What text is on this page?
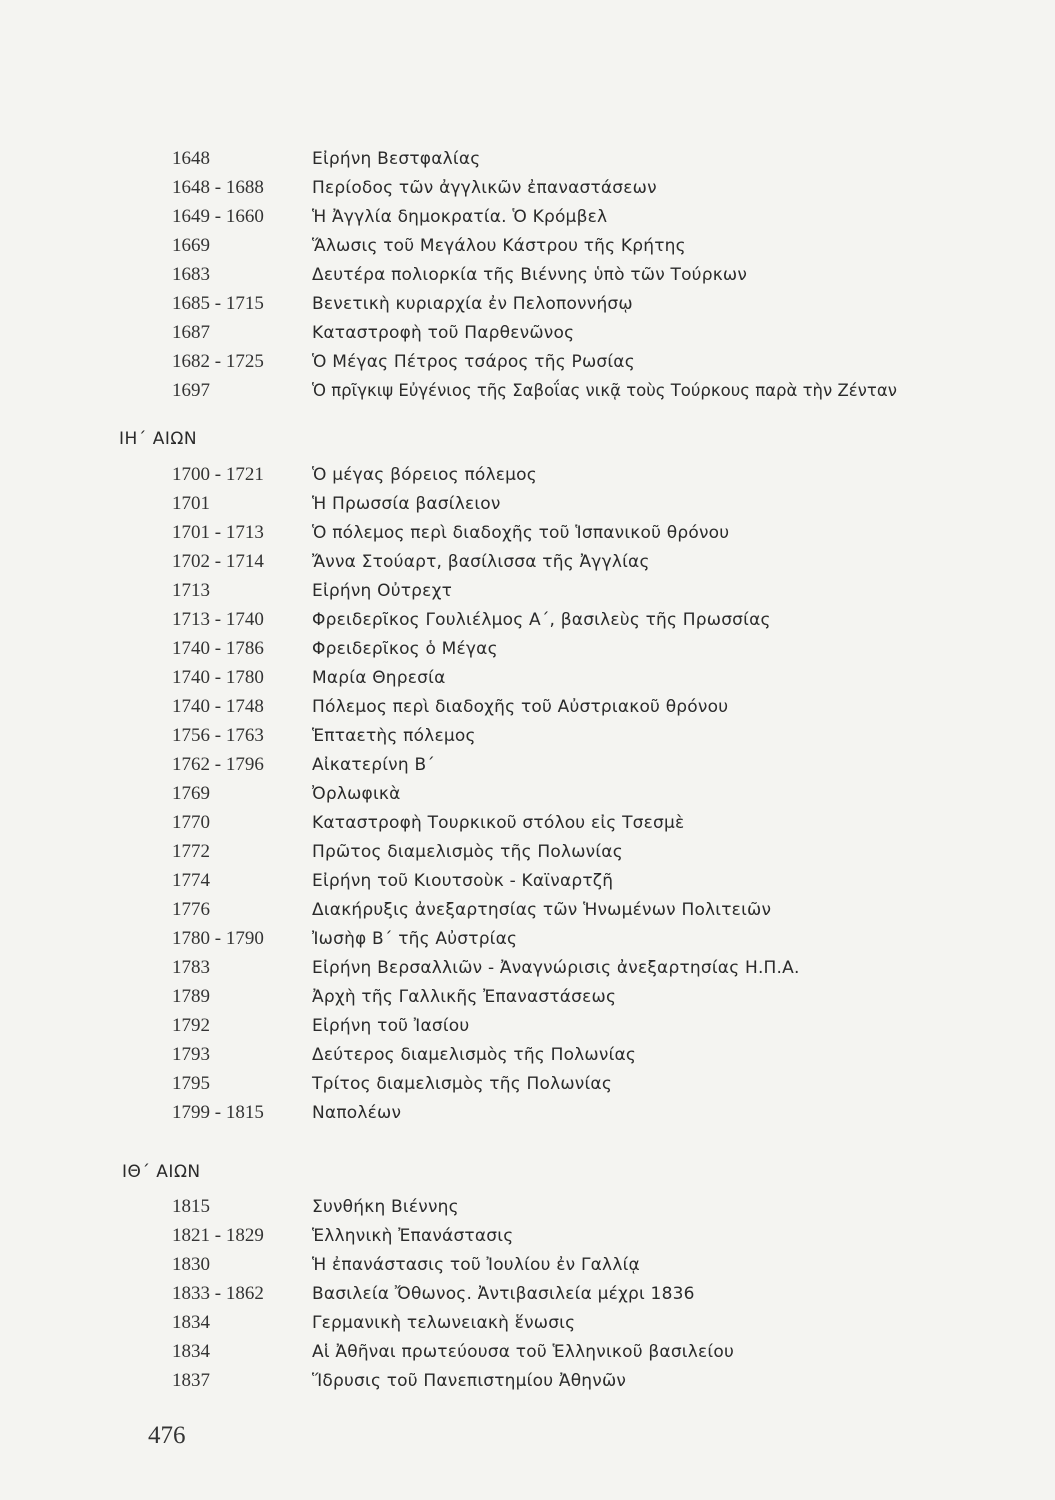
1648	Εἰρήνη Βεστφαλίας
1648 - 1688	Περίοδος τῶν ἀγγλικῶν ἐπαναστάσεων
1649 - 1660	Ἡ Ἀγγλία δημοκρατία. Ὁ Κρόμβελ
1669	Ἅλωσις τοῦ Μεγάλου Κάστρου τῆς Κρήτης
1683	Δευτέρα πολιορκία τῆς Βιέννης ὑπὸ τῶν Τούρκων
1685 - 1715	Βενετικὴ κυριαρχία ἐν Πελοποννήσῳ
1687	Καταστροφὴ τοῦ Παρθενῶνος
1682 - 1725	Ὁ Μέγας Πέτρος τσάρος τῆς Ρωσίας
1697	Ὁ πρῖγκιψ Εὐγένιος τῆς Σαβοΐας νικᾷ τοὺς Τούρκους παρὰ τὴν Ζένταν
ΙΗ΄ ΑΙΩΝ
1700 - 1721	Ὁ μέγας βόρειος πόλεμος
1701	Ἡ Πρωσσία βασίλειον
1701 - 1713	Ὁ πόλεμος περὶ διαδοχῆς τοῦ Ἱσπανικοῦ θρόνου
1702 - 1714	Ἄννα Στούαρτ, βασίλισσα τῆς Ἀγγλίας
1713	Εἰρήνη Οὐτρεχτ
1713 - 1740	Φρειδερῖκος Γουλιέλμος Α΄, βασιλεὺς τῆς Πρωσσίας
1740 - 1786	Φρειδερῖκος ὁ Μέγας
1740 - 1780	Μαρία Θηρεσία
1740 - 1748	Πόλεμος περὶ διαδοχῆς τοῦ Αὐστριακοῦ θρόνου
1756 - 1763	Ἑπταετὴς πόλεμος
1762 - 1796	Αἰκατερίνη Β΄
1769	Ὀρλωφικὰ
1770	Καταστροφὴ Τουρκικοῦ στόλου εἰς Τσεσμὲ
1772	Πρῶτος διαμελισμὸς τῆς Πολωνίας
1774	Εἰρήνη τοῦ Κιουτσοὺκ - Καϊναρτζῆ
1776	Διακήρυξις ἀνεξαρτησίας τῶν Ἡνωμένων Πολιτειῶν
1780 - 1790	Ἰωσὴφ Β΄ τῆς Αὐστρίας
1783	Εἰρήνη Βερσαλλιῶν - Ἀναγνώρισις ἀνεξαρτησίας Η.Π.Α.
1789	Ἀρχὴ τῆς Γαλλικῆς Ἐπαναστάσεως
1792	Εἰρήνη τοῦ Ἰασίου
1793	Δεύτερος διαμελισμὸς τῆς Πολωνίας
1795	Τρίτος διαμελισμὸς τῆς Πολωνίας
1799 - 1815	Ναπολέων
ΙΘ΄ ΑΙΩΝ
1815	Συνθήκη Βιέννης
1821 - 1829	Ἑλληνικὴ Ἐπανάστασις
1830	Ἡ ἐπανάστασις τοῦ Ἰουλίου ἐν Γαλλίᾳ
1833 - 1862	Βασιλεία Ὄθωνος. Ἀντιβασιλεία μέχρι 1836
1834	Γερμανικὴ τελωνειακὴ ἕνωσις
1834	Αἱ Ἀθῆναι πρωτεύουσα τοῦ Ἑλληνικοῦ βασιλείου
1837	Ἵδρυσις τοῦ Πανεπιστημίου Ἀθηνῶν
476
